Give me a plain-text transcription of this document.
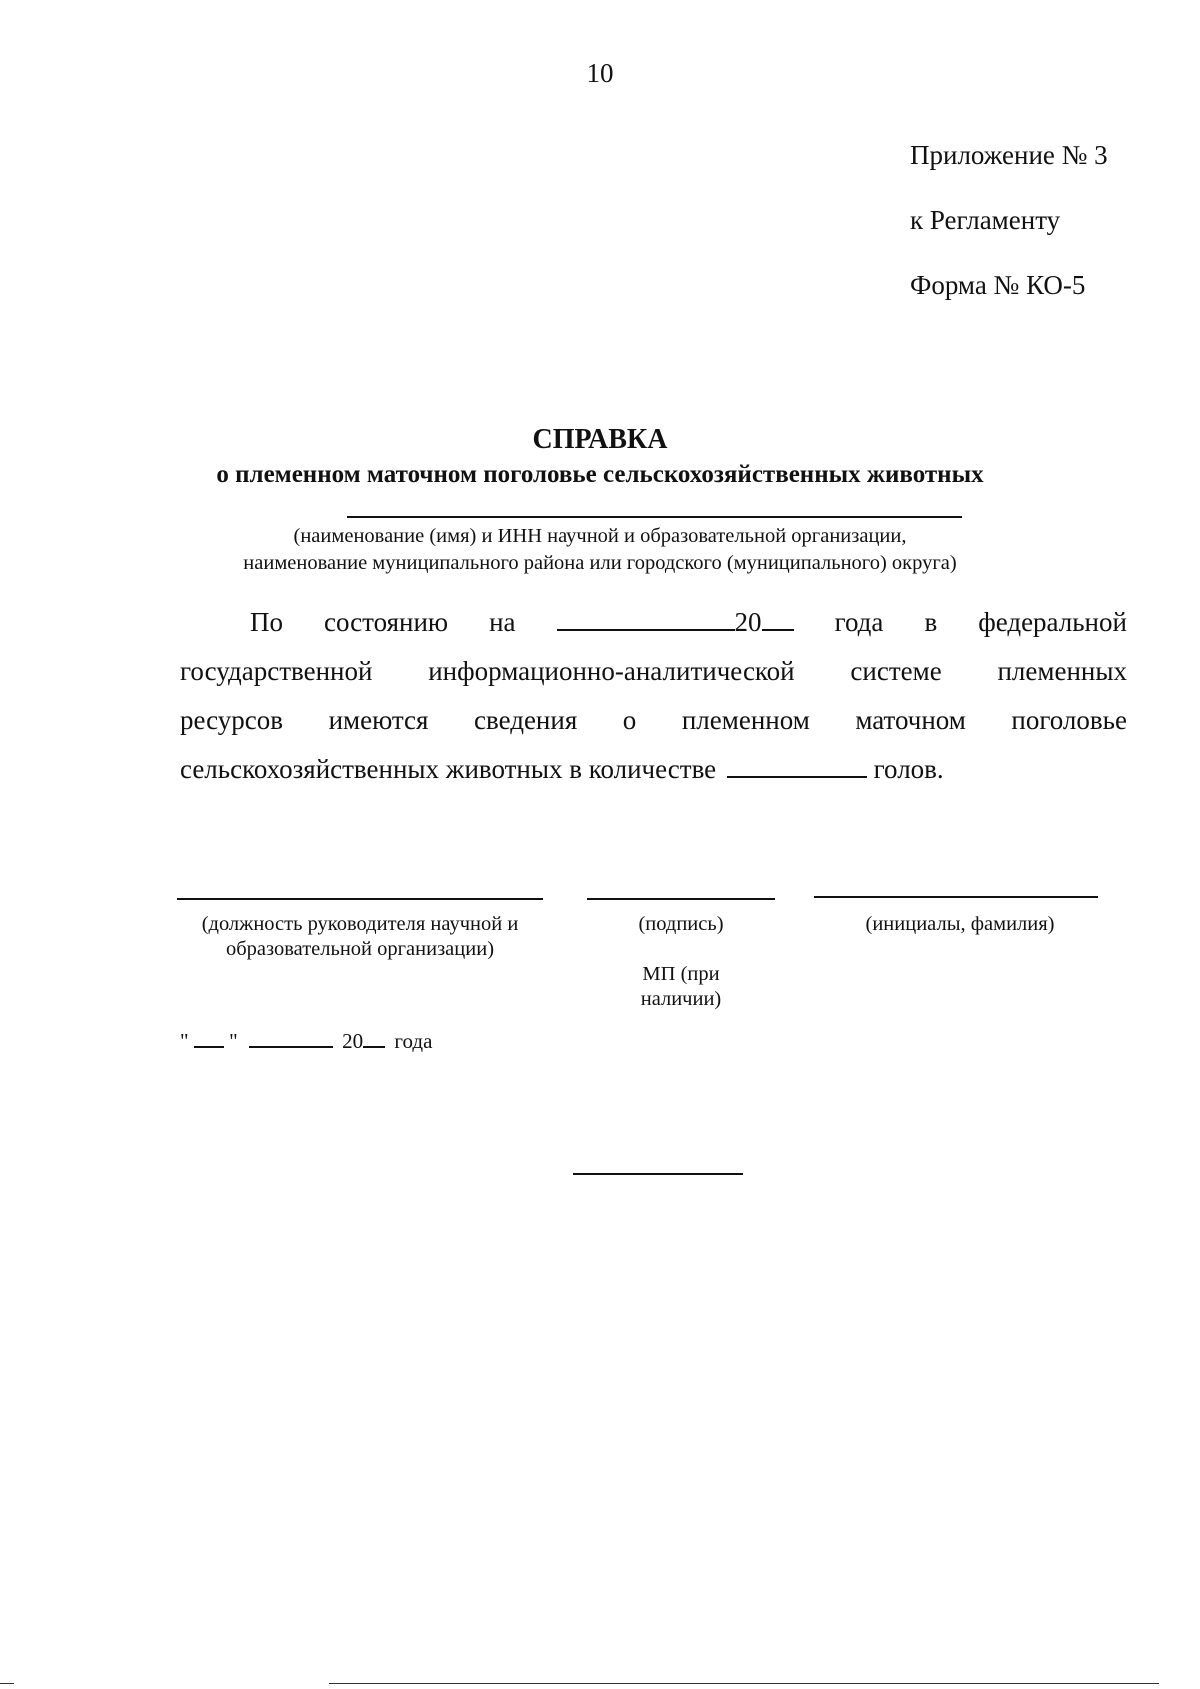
10
Приложение № 3
к Регламенту
Форма № КО-5
СПРАВКА
о племенном маточном поголовье сельскохозяйственных животных
(наименование (имя) и ИНН научной и образовательной организации,
наименование муниципального района или городского (муниципального) округа)
По состоянию на	20	года в федеральной
государственной информационно-аналитической системе племенных
ресурсов имеются сведения о племенном маточном поголовье
сельскохозяйственных животных в количестве	голов.
(должность руководителя научной и
образовательной организации)
(подпись)
МП (при
наличии)
(инициалы, фамилия)
" "	20 года
